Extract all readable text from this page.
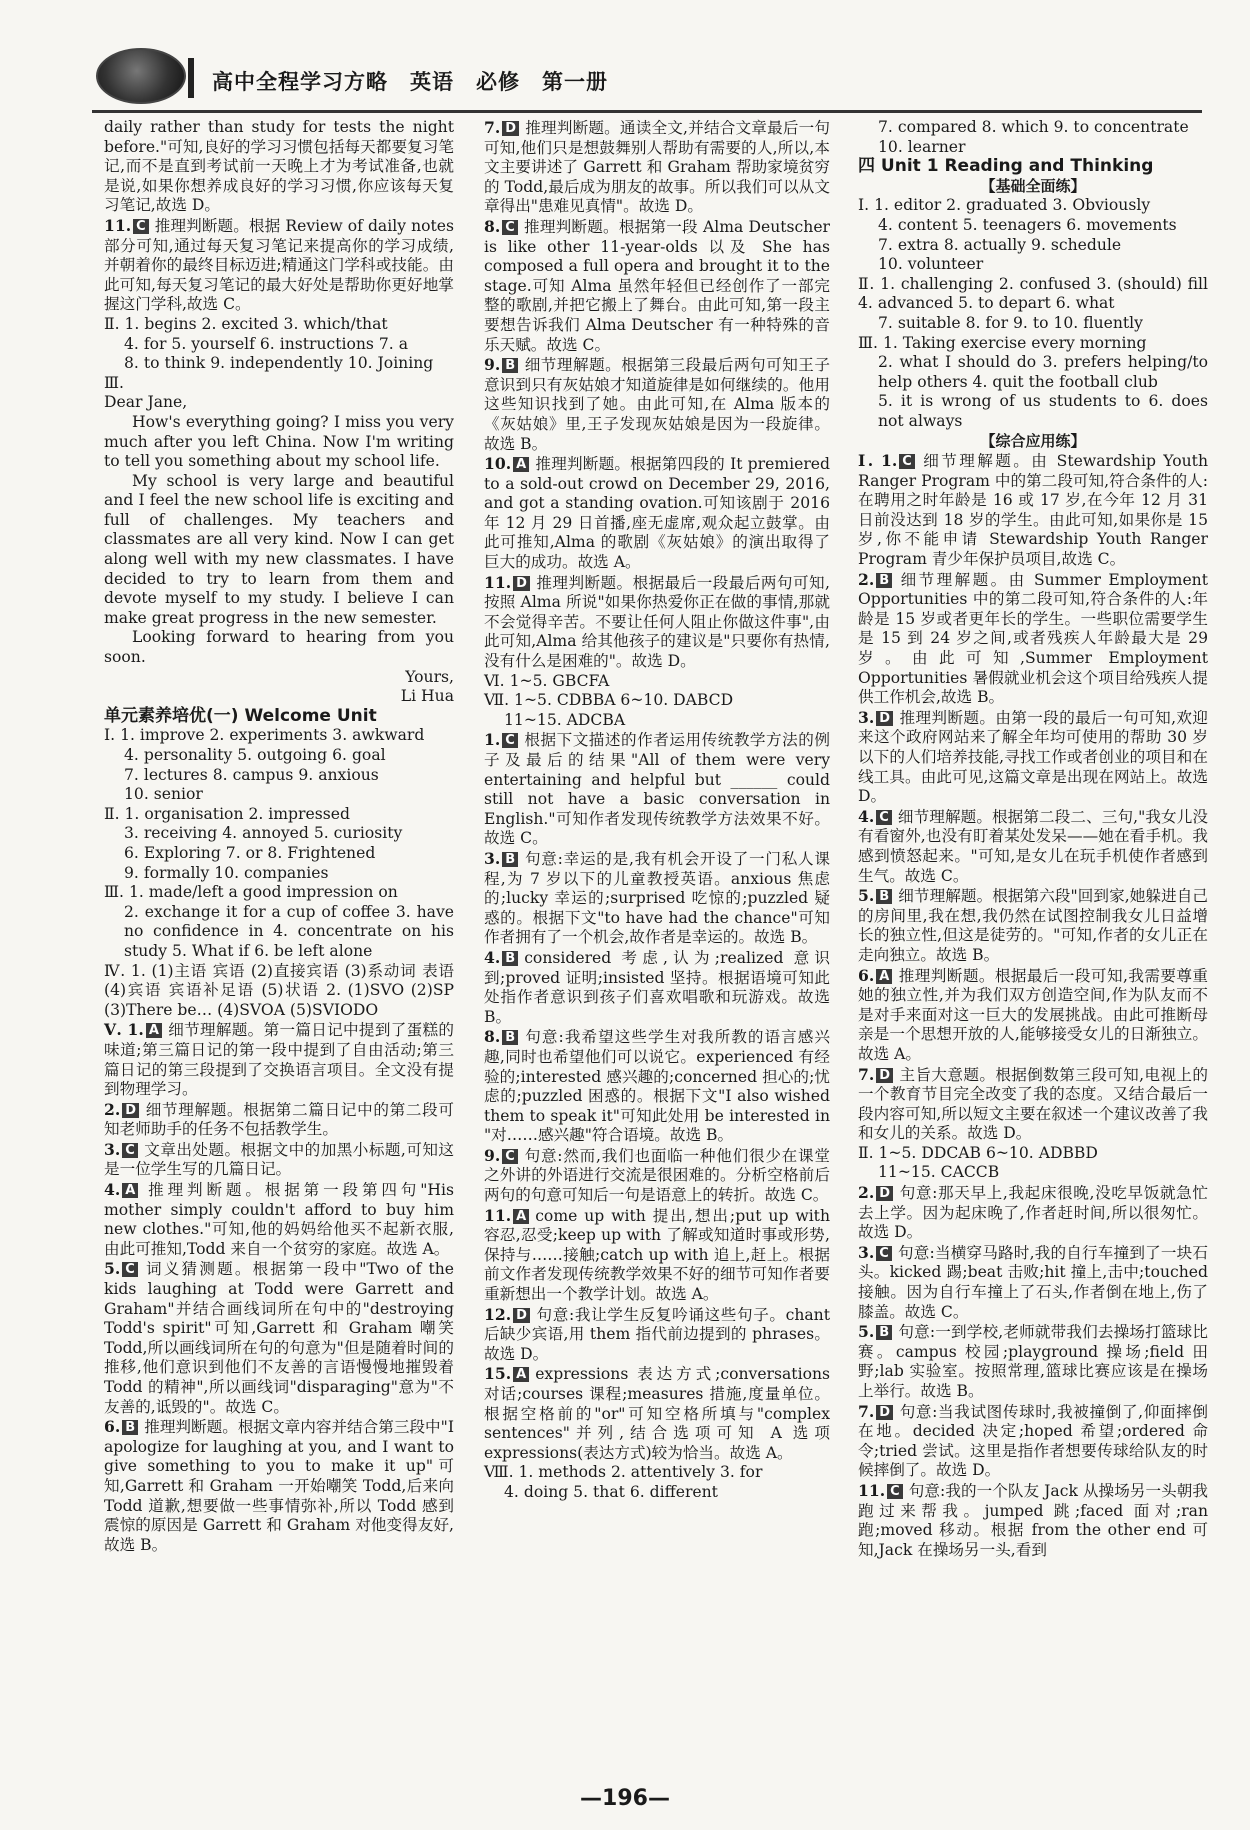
高中全程学习方略 英语 必修 第一册

daily rather than study for tests the night before."可知,良好的学习习惯包括每天都要复习笔记,而不是直到考试前一天晚上才为考试准备,也就是说,如果你想养成良好的学习习惯,你应该每天复习笔记,故选 D。

11. C 推理判断题。根据 Review of daily notes 部分可知,通过每天复习笔记来提高你的学习成绩,并朝着你的最终目标迈进;精通这门学科或技能。由此可知,每天复习笔记的最大好处是帮助你更好地掌握这门学科,故选 C。

Ⅱ. 1. begins 2. excited 3. which/that

4. for 5. yourself 6. instructions 7. a

8. to think 9. independently 10. Joining

Ⅲ.

Dear Jane,

How's everything going? I miss you very much after you left China. Now I'm writing to tell you something about my school life.

My school is very large and beautiful and I feel the new school life is exciting and full of challenges. My teachers and classmates are all very kind. Now I can get along well with my new classmates. I have decided to try to learn from them and devote myself to my study. I believe I can make great progress in the new semester.

Looking forward to hearing from you soon.

Yours,

Li Hua

单元素养培优(一) Welcome Unit

Ⅰ. 1. improve 2. experiments 3. awkward

4. personality 5. outgoing 6. goal

7. lectures 8. campus 9. anxious

10. senior

Ⅱ. 1. organisation 2. impressed

3. receiving 4. annoyed 5. curiosity

6. Exploring 7. or 8. Frightened

9. formally 10. companies

Ⅲ. 1. made/left a good impression on

2. exchange it for a cup of coffee 3. have no confidence in 4. concentrate on his study 5. What if 6. be left alone

Ⅳ. 1. (1)主语 宾语 (2)直接宾语 (3)系动词 表语 (4)宾语 宾语补足语 (5)状语 2. (1)SVO (2)SP (3)There be… (4)SVOA (5)SVIODO

Ⅴ. 1. A 细节理解题。第一篇日记中提到了蛋糕的味道;第三篇日记的第一段中提到了自由活动;第三篇日记的第三段提到了交换语言项目。全文没有提到物理学习。

2. D 细节理解题。根据第二篇日记中的第二段可知老师助手的任务不包括教学生。

3. C 文章出处题。根据文中的加黑小标题,可知这是一位学生写的几篇日记。

4. A 推理判断题。根据第一段第四句"His mother simply couldn't afford to buy him new clothes."可知,他的妈妈给他买不起新衣服,由此可推知,Todd 来自一个贫穷的家庭。故选 A。

5. C 词义猜测题。根据第一段中"Two of the kids laughing at Todd were Garrett and Graham"并结合画线词所在句中的"destroying Todd's spirit"可知,Garrett 和 Graham 嘲笑 Todd,所以画线词所在句的句意为"但是随着时间的推移,他们意识到他们不友善的言语慢慢地摧毁着 Todd 的精神",所以画线词"disparaging"意为"不友善的,诋毁的"。故选 C。

6. B 推理判断题。根据文章内容并结合第三段中"I apologize for laughing at you, and I want to give something to you to make it up"可知,Garrett 和 Graham 一开始嘲笑 Todd,后来向 Todd 道歉,想要做一些事情弥补,所以 Todd 感到震惊的原因是 Garrett 和 Graham 对他变得友好,故选 B。

7. D 推理判断题。通读全文,并结合文章最后一句可知,他们只是想鼓舞别人帮助有需要的人,所以,本文主要讲述了 Garrett 和 Graham 帮助家境贫穷的 Todd,最后成为朋友的故事。所以我们可以从文章得出"患难见真情"。故选 D。

8. C 推理判断题。根据第一段 Alma Deutscher is like other 11-year-olds 以及 She has composed a full opera and brought it to the stage.可知 Alma 虽然年轻但已经创作了一部完整的歌剧,并把它搬上了舞台。由此可知,第一段主要想告诉我们 Alma Deutscher 有一种特殊的音乐天赋。故选 C。

9. B 细节理解题。根据第三段最后两句可知王子意识到只有灰姑娘才知道旋律是如何继续的。他用这些知识找到了她。由此可知,在 Alma 版本的《灰姑娘》里,王子发现灰姑娘是因为一段旋律。故选 B。

10. A 推理判断题。根据第四段的 It premiered to a sold-out crowd on December 29, 2016, and got a standing ovation.可知该剧于 2016 年 12 月 29 日首播,座无虚席,观众起立鼓掌。由此可推知,Alma 的歌剧《灰姑娘》的演出取得了巨大的成功。故选 A。

11. D 推理判断题。根据最后一段最后两句可知,按照 Alma 所说"如果你热爱你正在做的事情,那就不会觉得辛苦。不要让任何人阻止你做这件事",由此可知,Alma 给其他孩子的建议是"只要你有热情,没有什么是困难的"。故选 D。

Ⅵ. 1~5. GBCFA

Ⅶ. 1~5. CDBBA 6~10. DABCD

11~15. ADCBA

1. C 根据下文描述的作者运用传统教学方法的例子及最后的结果"All of them were very entertaining and helpful but ______ could still not have a basic conversation in English."可知作者发现传统教学方法效果不好。故选 C。

3. B 句意:幸运的是,我有机会开设了一门私人课程,为 7 岁以下的儿童教授英语。anxious 焦虑的;lucky 幸运的;surprised 吃惊的;puzzled 疑惑的。根据下文"to have had the chance"可知作者拥有了一个机会,故作者是幸运的。故选 B。

4. B considered 考虑,认为;realized 意识到;proved 证明;insisted 坚持。根据语境可知此处指作者意识到孩子们喜欢唱歌和玩游戏。故选 B。

8. B 句意:我希望这些学生对我所教的语言感兴趣,同时也希望他们可以说它。experienced 有经验的;interested 感兴趣的;concerned 担心的;忧虑的;puzzled 困惑的。根据下文"I also wished them to speak it"可知此处用 be interested in "对……感兴趣"符合语境。故选 B。

9. C 句意:然而,我们也面临一种他们很少在课堂之外讲的外语进行交流是很困难的。分析空格前后两句的句意可知后一句是语意上的转折。故选 C。

11. A come up with 提出,想出;put up with 容忍,忍受;keep up with 了解或知道时事或形势,保持与……接触;catch up with 追上,赶上。根据前文作者发现传统教学效果不好的细节可知作者要重新想出一个教学计划。故选 A。

12. D 句意:我让学生反复吟诵这些句子。chant 后缺少宾语,用 them 指代前边提到的 phrases。故选 D。

15. A expressions 表达方式;conversations 对话;courses 课程;measures 措施,度量单位。根据空格前的"or"可知空格所填与"complex sentences"并列,结合选项可知 A 选项 expressions(表达方式)较为恰当。故选 A。

Ⅷ. 1. methods 2. attentively 3. for

4. doing 5. that 6. different

7. compared 8. which 9. to concentrate

10. learner

四 Unit 1 Reading and Thinking

【基础全面练】

Ⅰ. 1. editor 2. graduated 3. Obviously

4. content 5. teenagers 6. movements

7. extra 8. actually 9. schedule

10. volunteer

Ⅱ. 1. challenging 2. confused 3. (should) fill 4. advanced 5. to depart 6. what

7. suitable 8. for 9. to 10. fluently

Ⅲ. 1. Taking exercise every morning

2. what I should do 3. prefers helping/to help others 4. quit the football club

5. it is wrong of us students to 6. does not always

【综合应用练】

Ⅰ. 1. C 细节理解题。由 Stewardship Youth Ranger Program 中的第二段可知,符合条件的人:在聘用之时年龄是 16 或 17 岁,在今年 12 月 31 日前没达到 18 岁的学生。由此可知,如果你是 15 岁,你不能申请 Stewardship Youth Ranger Program 青少年保护员项目,故选 C。

2. B 细节理解题。由 Summer Employment Opportunities 中的第二段可知,符合条件的人:年龄是 15 岁或者更年长的学生。一些职位需要学生是 15 到 24 岁之间,或者残疾人年龄最大是 29 岁。由此可知,Summer Employment Opportunities 暑假就业机会这个项目给残疾人提供工作机会,故选 B。

3. D 推理判断题。由第一段的最后一句可知,欢迎来这个政府网站来了解全年均可使用的帮助 30 岁以下的人们培养技能,寻找工作或者创业的项目和在线工具。由此可见,这篇文章是出现在网站上。故选 D。

4. C 细节理解题。根据第二段二、三句,"我女儿没有看窗外,也没有盯着某处发呆——她在看手机。我感到愤怒起来。"可知,是女儿在玩手机使作者感到生气。故选 C。

5. B 细节理解题。根据第六段"回到家,她躲进自己的房间里,我在想,我仍然在试图控制我女儿日益增长的独立性,但这是徒劳的。"可知,作者的女儿正在走向独立。故选 B。

6. A 推理判断题。根据最后一段可知,我需要尊重她的独立性,并为我们双方创造空间,作为队友而不是对手来面对这一巨大的发展挑战。由此可推断母亲是一个思想开放的人,能够接受女儿的日渐独立。故选 A。

7. D 主旨大意题。根据倒数第三段可知,电视上的一个教育节目完全改变了我的态度。又结合最后一段内容可知,所以短文主要在叙述一个建议改善了我和女儿的关系。故选 D。

Ⅱ. 1~5. DDCAB 6~10. ADBBD

11~15. CACCB

2. D 句意:那天早上,我起床很晚,没吃早饭就急忙去上学。因为起床晚了,作者赶时间,所以很匆忙。故选 D。

3. C 句意:当横穿马路时,我的自行车撞到了一块石头。kicked 踢;beat 击败;hit 撞上,击中;touched 接触。因为自行车撞上了石头,作者倒在地上,伤了膝盖。故选 C。

5. B 句意:一到学校,老师就带我们去操场打篮球比赛。campus 校园;playground 操场;field 田野;lab 实验室。按照常理,篮球比赛应该是在操场上举行。故选 B。

7. D 句意:当我试图传球时,我被撞倒了,仰面摔倒在地。decided 决定;hoped 希望;ordered 命令;tried 尝试。这里是指作者想要传球给队友的时候摔倒了。故选 D。

11. C 句意:我的一个队友 Jack 从操场另一头朝我跑过来帮我。jumped 跳;faced 面对;ran 跑;moved 移动。根据 from the other end 可知,Jack 在操场另一头,看到

—196—
